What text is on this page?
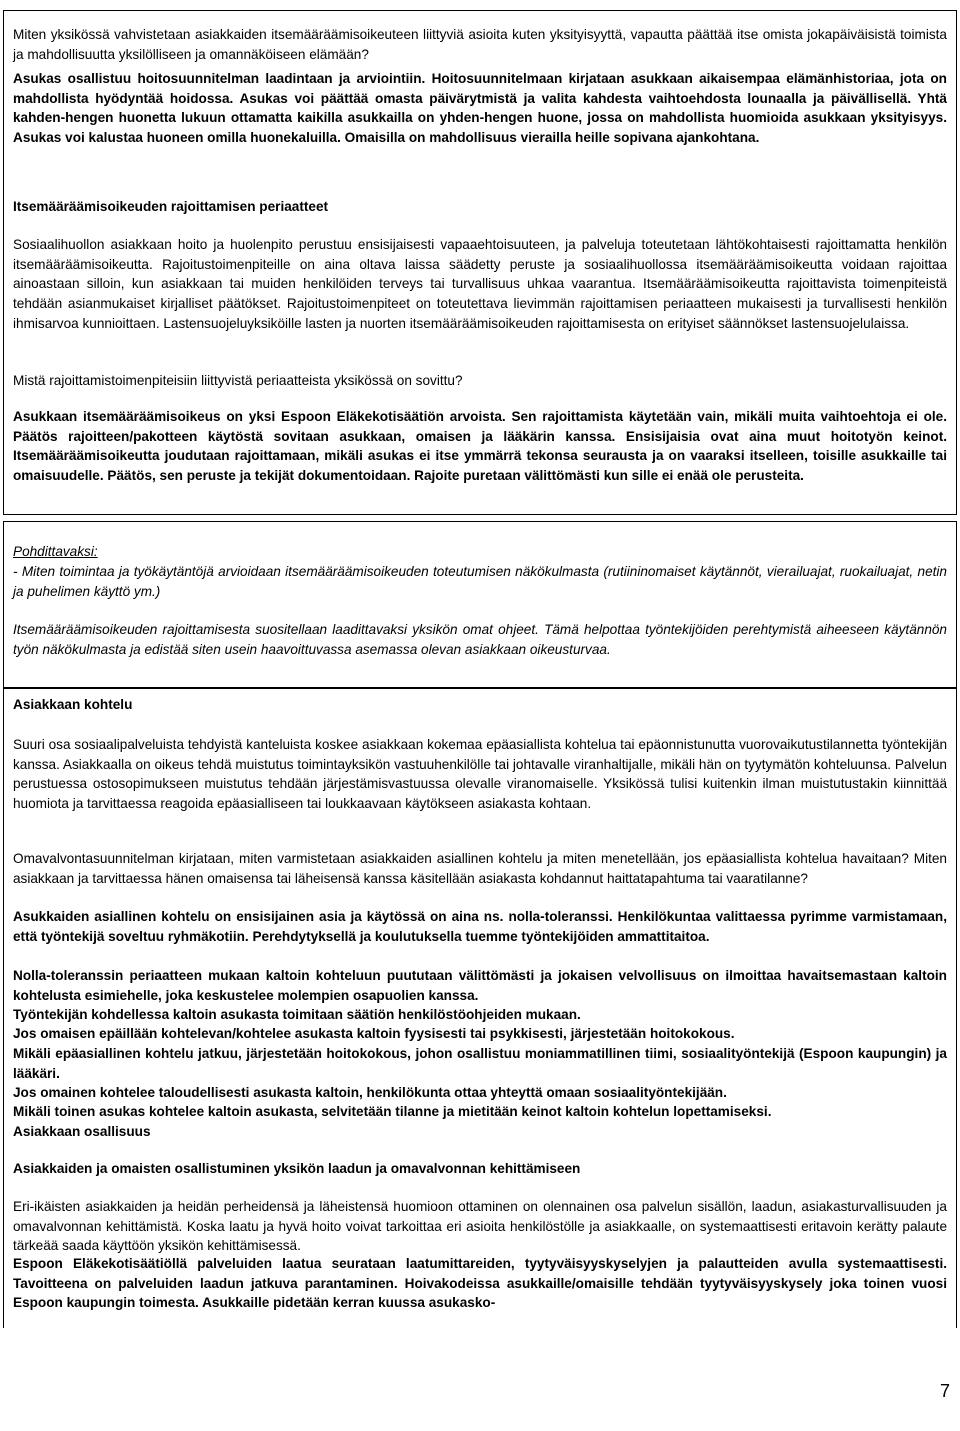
Miten yksikössä vahvistetaan asiakkaiden itsemääräämisoikeuteen liittyviä asioita kuten yksityisyyttä, vapautta päättää itse omista jokapäiväisistä toimista ja mahdollisuutta yksilölliseen ja omannäköiseen elämään?

Asukas osallistuu hoitosuunnitelman laadintaan ja arviointiin. Hoitosuunnitelmaan kirjataan asukkaan aikaisempaa elämänhistoriaa, jota on mahdollista hyödyntää hoidossa. Asukas voi päättää omasta päivärytmistä ja valita kahdesta vaihtoehdosta lounaalla ja päivällisellä. Yhtä kahden-hengen huonetta lukuun ottamatta kaikilla asukkailla on yhden-hengen huone, jossa on mahdollista huomioida asukkaan yksityisyys. Asukas voi kalustaa huoneen omilla huonekaluilla. Omaisilla on mahdollisuus vierailla heille sopivana ajankohtana.

Itsemääräämisoikeuden rajoittamisen periaatteet

Sosiaalihuollon asiakkaan hoito ja huolenpito perustuu ensisijaisesti vapaaehtoisuuteen, ja palveluja toteutetaan lähtökohtaisesti rajoittamatta henkilön itsemääräämisoikeutta. Rajoitustoimenpiteille on aina oltava laissa säädetty peruste ja sosiaalihuollossa itsemääräämisoikeutta voidaan rajoittaa ainoastaan silloin, kun asiakkaan tai muiden henkilöiden terveys tai turvallisuus uhkaa vaarantua. Itsemääräämisoikeutta rajoittavista toimenpiteistä tehdään asianmukaiset kirjalliset päätökset. Rajoitustoimenpiteet on toteutettava lievimmän rajoittamisen periaatteen mukaisesti ja turvallisesti henkilön ihmisarvoa kunnioittaen. Lastensuojeluyksiköille lasten ja nuorten itsemääräämisoikeuden rajoittamisesta on erityiset säännökset lastensuojelulaissa.

Mistä rajoittamistoimenpiteisiin liittyvistä periaatteista yksikössä on sovittu?

Asukkaan itsemääräämisoikeus on yksi Espoon Eläkekotisäätiön arvoista. Sen rajoittamista käytetään vain, mikäli muita vaihtoehtoja ei ole. Päätös rajoitteen/pakotteen käytöstä sovitaan asukkaan, omaisen ja lääkärin kanssa. Ensisijaisia ovat aina muut hoitotyön keinot. Itsemääräämisoikeutta joudutaan rajoittamaan, mikäli asukas ei itse ymmärrä tekonsa seurausta ja on vaaraksi itselleen, toisille asukkaille tai omaisuudelle. Päätös, sen peruste ja tekijät dokumentoidaan. Rajoite puretaan välittömästi kun sille ei enää ole perusteita.

Pohdittavaksi:

- Miten toimintaa ja työkäytäntöjä arvioidaan itsemääräämisoikeuden toteutumisen näkökulmasta (rutiininomaiset käytännöt, vierailuajat, ruokailuajat, netin ja puhelimen käyttö ym.)

Itsemääräämisoikeuden rajoittamisesta suositellaan laadittavaksi yksikön omat ohjeet. Tämä helpottaa työntekijöiden perehtymistä aiheeseen käytännön työn näkökulmasta ja edistää siten usein haavoittuvassa asemassa olevan asiakkaan oikeusturvaa.

Asiakkaan kohtelu

Suuri osa sosiaalipalveluista tehdyistä kanteluista koskee asiakkaan kokemaa epäasiallista kohtelua tai epäonnistunutta vuorovaikutustilannetta työntekijän kanssa. Asiakkaalla on oikeus tehdä muistutus toimintayksikön vastuuhenkilölle tai johtavalle viranhaltijalle, mikäli hän on tyytymätön kohteluunsa. Palvelun perustuessa ostosopimukseen muistutus tehdään järjestämisvastuussa olevalle viranomaiselle. Yksikössä tulisi kuitenkin ilman muistutustakin kiinnittää huomiota ja tarvittaessa reagoida epäasialliseen tai loukkaavaan käytökseen asiakasta kohtaan.

Omavalvontasuunnitelman kirjataan, miten varmistetaan asiakkaiden asiallinen kohtelu ja miten menetellään, jos epäasiallista kohtelua havaitaan? Miten asiakkaan ja tarvittaessa hänen omaisensa tai läheisensä kanssa käsitellään asiakasta kohdannut haittatapahtuma tai vaaratilanne?

Asukkaiden asiallinen kohtelu on ensisijainen asia ja käytössä on aina ns. nolla-toleranssi. Henkilökuntaa valittaessa pyrimme varmistamaan, että työntekijä soveltuu ryhmäkotiin. Perehdytyksellä ja koulutuksella tuemme työntekijöiden ammattitaitoa.

Nolla-toleranssin periaatteen mukaan kaltoin kohteluun puututaan välittömästi ja jokaisen velvollisuus on ilmoittaa havaitsemastaan kaltoin kohtelusta esimiehelle, joka keskustelee molempien osapuolien kanssa.

Työntekijän kohdellessa kaltoin asukasta toimitaan säätiön henkilöstöohjeiden mukaan.

Jos omaisen epäillään kohtelevan/kohtelee asukasta kaltoin fyysisesti tai psykkisesti, järjestetään hoitokokous.

Mikäli epäasiallinen kohtelu jatkuu, järjestetään hoitokokous, johon osallistuu moniammatillinen tiimi, sosiaalityöntekijä (Espoon kaupungin) ja lääkäri.

Jos omainen kohtelee taloudellisesti asukasta kaltoin, henkilökunta ottaa yhteyttä omaan sosiaalityöntekijään.

Mikäli toinen asukas kohtelee kaltoin asukasta, selvitetään tilanne ja mietitään keinot kaltoin kohtelun lopettamiseksi.

Asiakkaan osallisuus

Asiakkaiden ja omaisten osallistuminen yksikön laadun ja omavalvonnan kehittämiseen

Eri-ikäisten asiakkaiden ja heidän perheidensä ja läheistensä huomioon ottaminen on olennainen osa palvelun sisällön, laadun, asiakasturvallisuuden ja omavalvonnan kehittämistä. Koska laatu ja hyvä hoito voivat tarkoittaa eri asioita henkilöstölle ja asiakkaalle, on systemaattisesti eritavoin kerätty palaute tärkeää saada käyttöön yksikön kehittämisessä.

Espoon Eläkekotisäätiöllä palveluiden laatua seurataan laatumittareiden, tyytyväisyyskyselyjen ja palautteiden avulla systemaattisesti. Tavoitteena on palveluiden laadun jatkuva parantaminen. Hoivakodeissa asukkaille/omaisille tehdään tyytyväisyyskysely joka toinen vuosi Espoon kaupungin toimesta. Asukkaille pidetään kerran kuussa asukasko-

7
